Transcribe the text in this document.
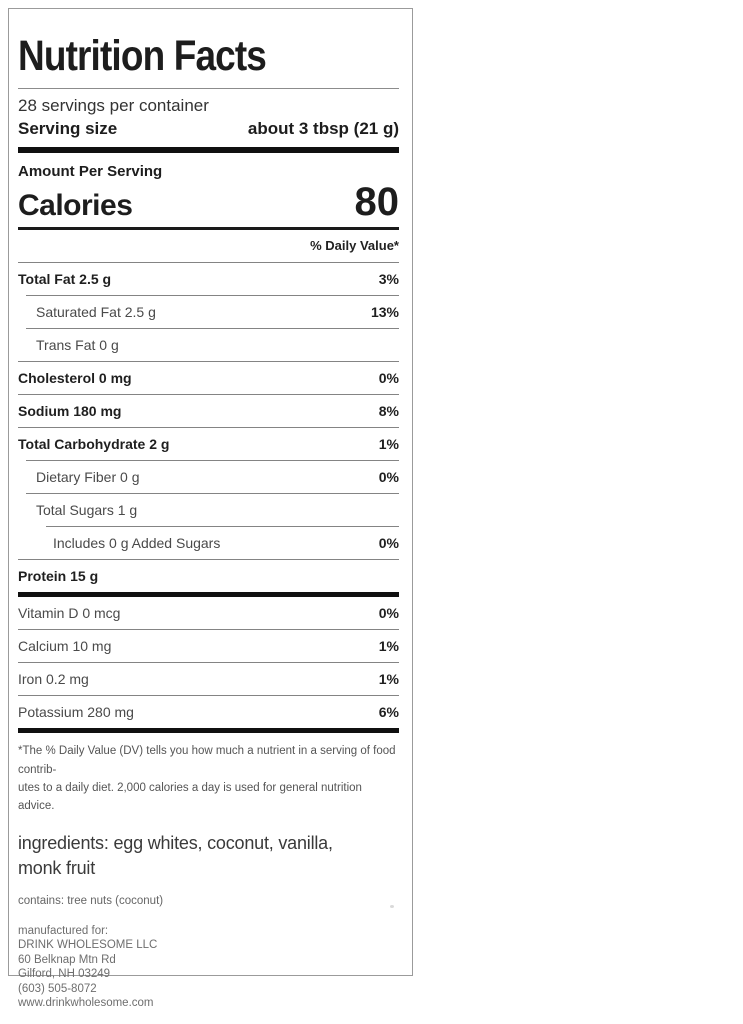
Nutrition Facts
28 servings per container
Serving size	about 3 tbsp (21 g)
Amount Per Serving
Calories	80
% Daily Value*
Total Fat 2.5 g	3%
Saturated Fat 2.5 g	13%
Trans Fat 0 g
Cholesterol 0 mg	0%
Sodium 180 mg	8%
Total Carbohydrate 2 g	1%
Dietary Fiber 0 g	0%
Total Sugars 1 g
Includes 0 g Added Sugars	0%
Protein 15 g
Vitamin D 0 mcg	0%
Calcium 10 mg	1%
Iron 0.2 mg	1%
Potassium 280 mg	6%
*The % Daily Value (DV) tells you how much a nutrient in a serving of food contrib-
utes to a daily diet. 2,000 calories a day is used for general nutrition advice.
ingredients: egg whites, coconut, vanilla,
monk fruit
contains: tree nuts (coconut)
manufactured for:
DRINK WHOLESOME LLC
60 Belknap Mtn Rd
Gilford, NH 03249
(603) 505-8072
www.drinkwholesome.com
